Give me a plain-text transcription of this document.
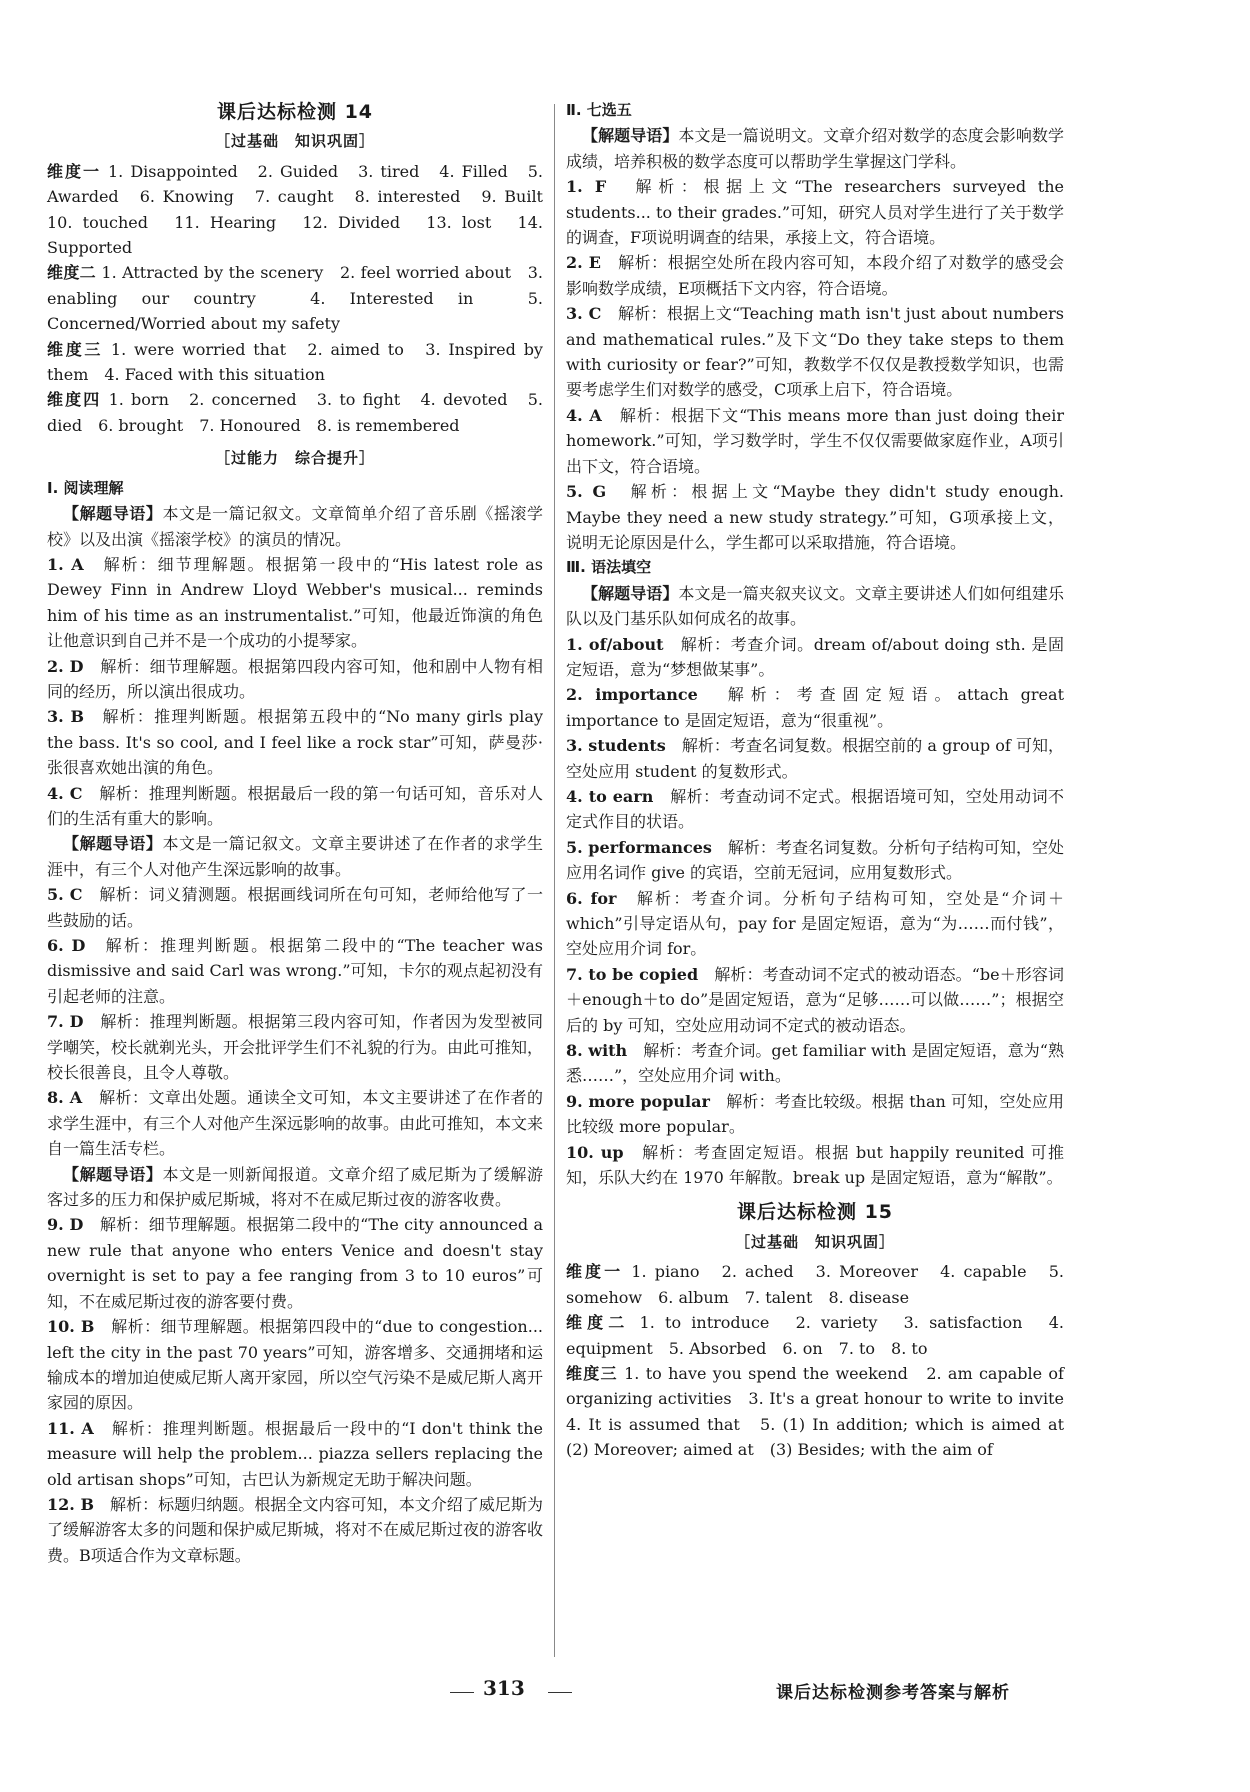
课后达标检测 14
［过基础　知识巩固］

维度一 1. Disappointed　2. Guided　3. tired　4. Filled　5. Awarded　6. Knowing　7. caught　8. interested　9. Built　10. touched　11. Hearing　12. Divided　13. lost　14. Supported

维度二 1. Attracted by the scenery　2. feel worried about　3. enabling our country　4. Interested in　5. Concerned/Worried about my safety

维度三 1. were worried that　2. aimed to　3. Inspired by them　4. Faced with this situation

维度四 1. born　2. concerned　3. to fight　4. devoted　5. died　6. brought　7. Honoured　8. is remembered

［过能力　综合提升］
Ⅰ. 阅读理解

【解题导语】本文是一篇记叙文。文章简单介绍了音乐剧《摇滚学校》以及出演《摇滚学校》的演员的情况。

1. A　解析：细节理解题。根据第一段中的“His latest role as Dewey Finn in Andrew Lloyd Webber's musical... reminds him of his time as an instrumentalist.”可知，他最近饰演的角色让他意识到自己并不是一个成功的小提琴家。

2. D　解析：细节理解题。根据第四段内容可知，他和剧中人物有相同的经历，所以演出很成功。

3. B　解析：推理判断题。根据第五段中的“No many girls play the bass. It's so cool, and I feel like a rock star”可知，萨曼莎·张很喜欢她出演的角色。

4. C　解析：推理判断题。根据最后一段的第一句话可知，音乐对人们的生活有重大的影响。

【解题导语】本文是一篇记叙文。文章主要讲述了在作者的求学生涯中，有三个人对他产生深远影响的故事。

5. C　解析：词义猜测题。根据画线词所在句可知，老师给他写了一些鼓励的话。

6. D　解析：推理判断题。根据第二段中的“The teacher was dismissive and said Carl was wrong.”可知，卡尔的观点起初没有引起老师的注意。

7. D　解析：推理判断题。根据第三段内容可知，作者因为发型被同学嘲笑，校长就剃光头，开会批评学生们不礼貌的行为。由此可推知，校长很善良，且令人尊敬。

8. A　解析：文章出处题。通读全文可知，本文主要讲述了在作者的求学生涯中，有三个人对他产生深远影响的故事。由此可推知，本文来自一篇生活专栏。

【解题导语】本文是一则新闻报道。文章介绍了威尼斯为了缓解游客过多的压力和保护威尼斯城，将对不在威尼斯过夜的游客收费。

9. D　解析：细节理解题。根据第二段中的“The city announced a new rule that anyone who enters Venice and doesn't stay overnight is set to pay a fee ranging from 3 to 10 euros”可知，不在威尼斯过夜的游客要付费。

10. B　解析：细节理解题。根据第四段中的“due to congestion... left the city in the past 70 years”可知，游客增多、交通拥堵和运输成本的增加迫使威尼斯人离开家园，所以空气污染不是威尼斯人离开家园的原因。

11. A　解析：推理判断题。根据最后一段中的“I don't think the measure will help the problem... piazza sellers replacing the old artisan shops”可知，古巴认为新规定无助于解决问题。

12. B　解析：标题归纳题。根据全文内容可知，本文介绍了威尼斯为了缓解游客太多的问题和保护威尼斯城，将对不在威尼斯过夜的游客收费。B项适合作为文章标题。

Ⅱ. 七选五

【解题导语】本文是一篇说明文。文章介绍对数学的态度会影响数学成绩，培养积极的数学态度可以帮助学生掌握这门学科。

1. F　解析：根据上文“The researchers surveyed the students... to their grades.”可知，研究人员对学生进行了关于数学的调查，F项说明调查的结果，承接上文，符合语境。

2. E　解析：根据空处所在段内容可知，本段介绍了对数学的感受会影响数学成绩，E项概括下文内容，符合语境。

3. C　解析：根据上文“Teaching math isn't just about numbers and mathematical rules.”及下文“Do they take steps to them with curiosity or fear?”可知，教数学不仅仅是教授数学知识，也需要考虑学生们对数学的感受，C项承上启下，符合语境。

4. A　解析：根据下文“This means more than just doing their homework.”可知，学习数学时，学生不仅仅需要做家庭作业，A项引出下文，符合语境。

5. G　解析：根据上文“Maybe they didn't study enough. Maybe they need a new study strategy.”可知，G项承接上文，说明无论原因是什么，学生都可以采取措施，符合语境。

Ⅲ. 语法填空

【解题导语】本文是一篇夹叙夹议文。文章主要讲述人们如何组建乐队以及门基乐队如何成名的故事。

1. of/about　解析：考查介词。dream of/about doing sth. 是固定短语，意为“梦想做某事”。

2. importance　解析：考查固定短语。attach great importance to 是固定短语，意为“很重视”。

3. students　解析：考查名词复数。根据空前的 a group of 可知，空处应用 student 的复数形式。

4. to earn　解析：考查动词不定式。根据语境可知，空处用动词不定式作目的状语。

5. performances　解析：考查名词复数。分析句子结构可知，空处应用名词作 give 的宾语，空前无冠词，应用复数形式。

6. for　解析：考查介词。分析句子结构可知，空处是“介词＋which”引导定语从句，pay for 是固定短语，意为“为……而付钱”，空处应用介词 for。

7. to be copied　解析：考查动词不定式的被动语态。“be＋形容词＋enough＋to do”是固定短语，意为“足够……可以做……”；根据空后的 by 可知，空处应用动词不定式的被动语态。

8. with　解析：考查介词。get familiar with 是固定短语，意为“熟悉……”，空处应用介词 with。

9. more popular　解析：考查比较级。根据 than 可知，空处应用比较级 more popular。

10. up　解析：考查固定短语。根据 but happily reunited 可推知，乐队大约在 1970 年解散。break up 是固定短语，意为“解散”。

课后达标检测 15
［过基础　知识巩固］

维度一 1. piano　2. ached　3. Moreover　4. capable　5. somehow　6. album　7. talent　8. disease

维度二 1. to introduce　2. variety　3. satisfaction　4. equipment　5. Absorbed　6. on　7. to　8. to

维度三 1. to have you spend the weekend　2. am capable of organizing activities　3. It's a great honour to write to invite　4. It is assumed that　5. (1) In addition; which is aimed at　(2) Moreover; aimed at　(3) Besides; with the aim of

313	课后达标检测参考答案与解析
